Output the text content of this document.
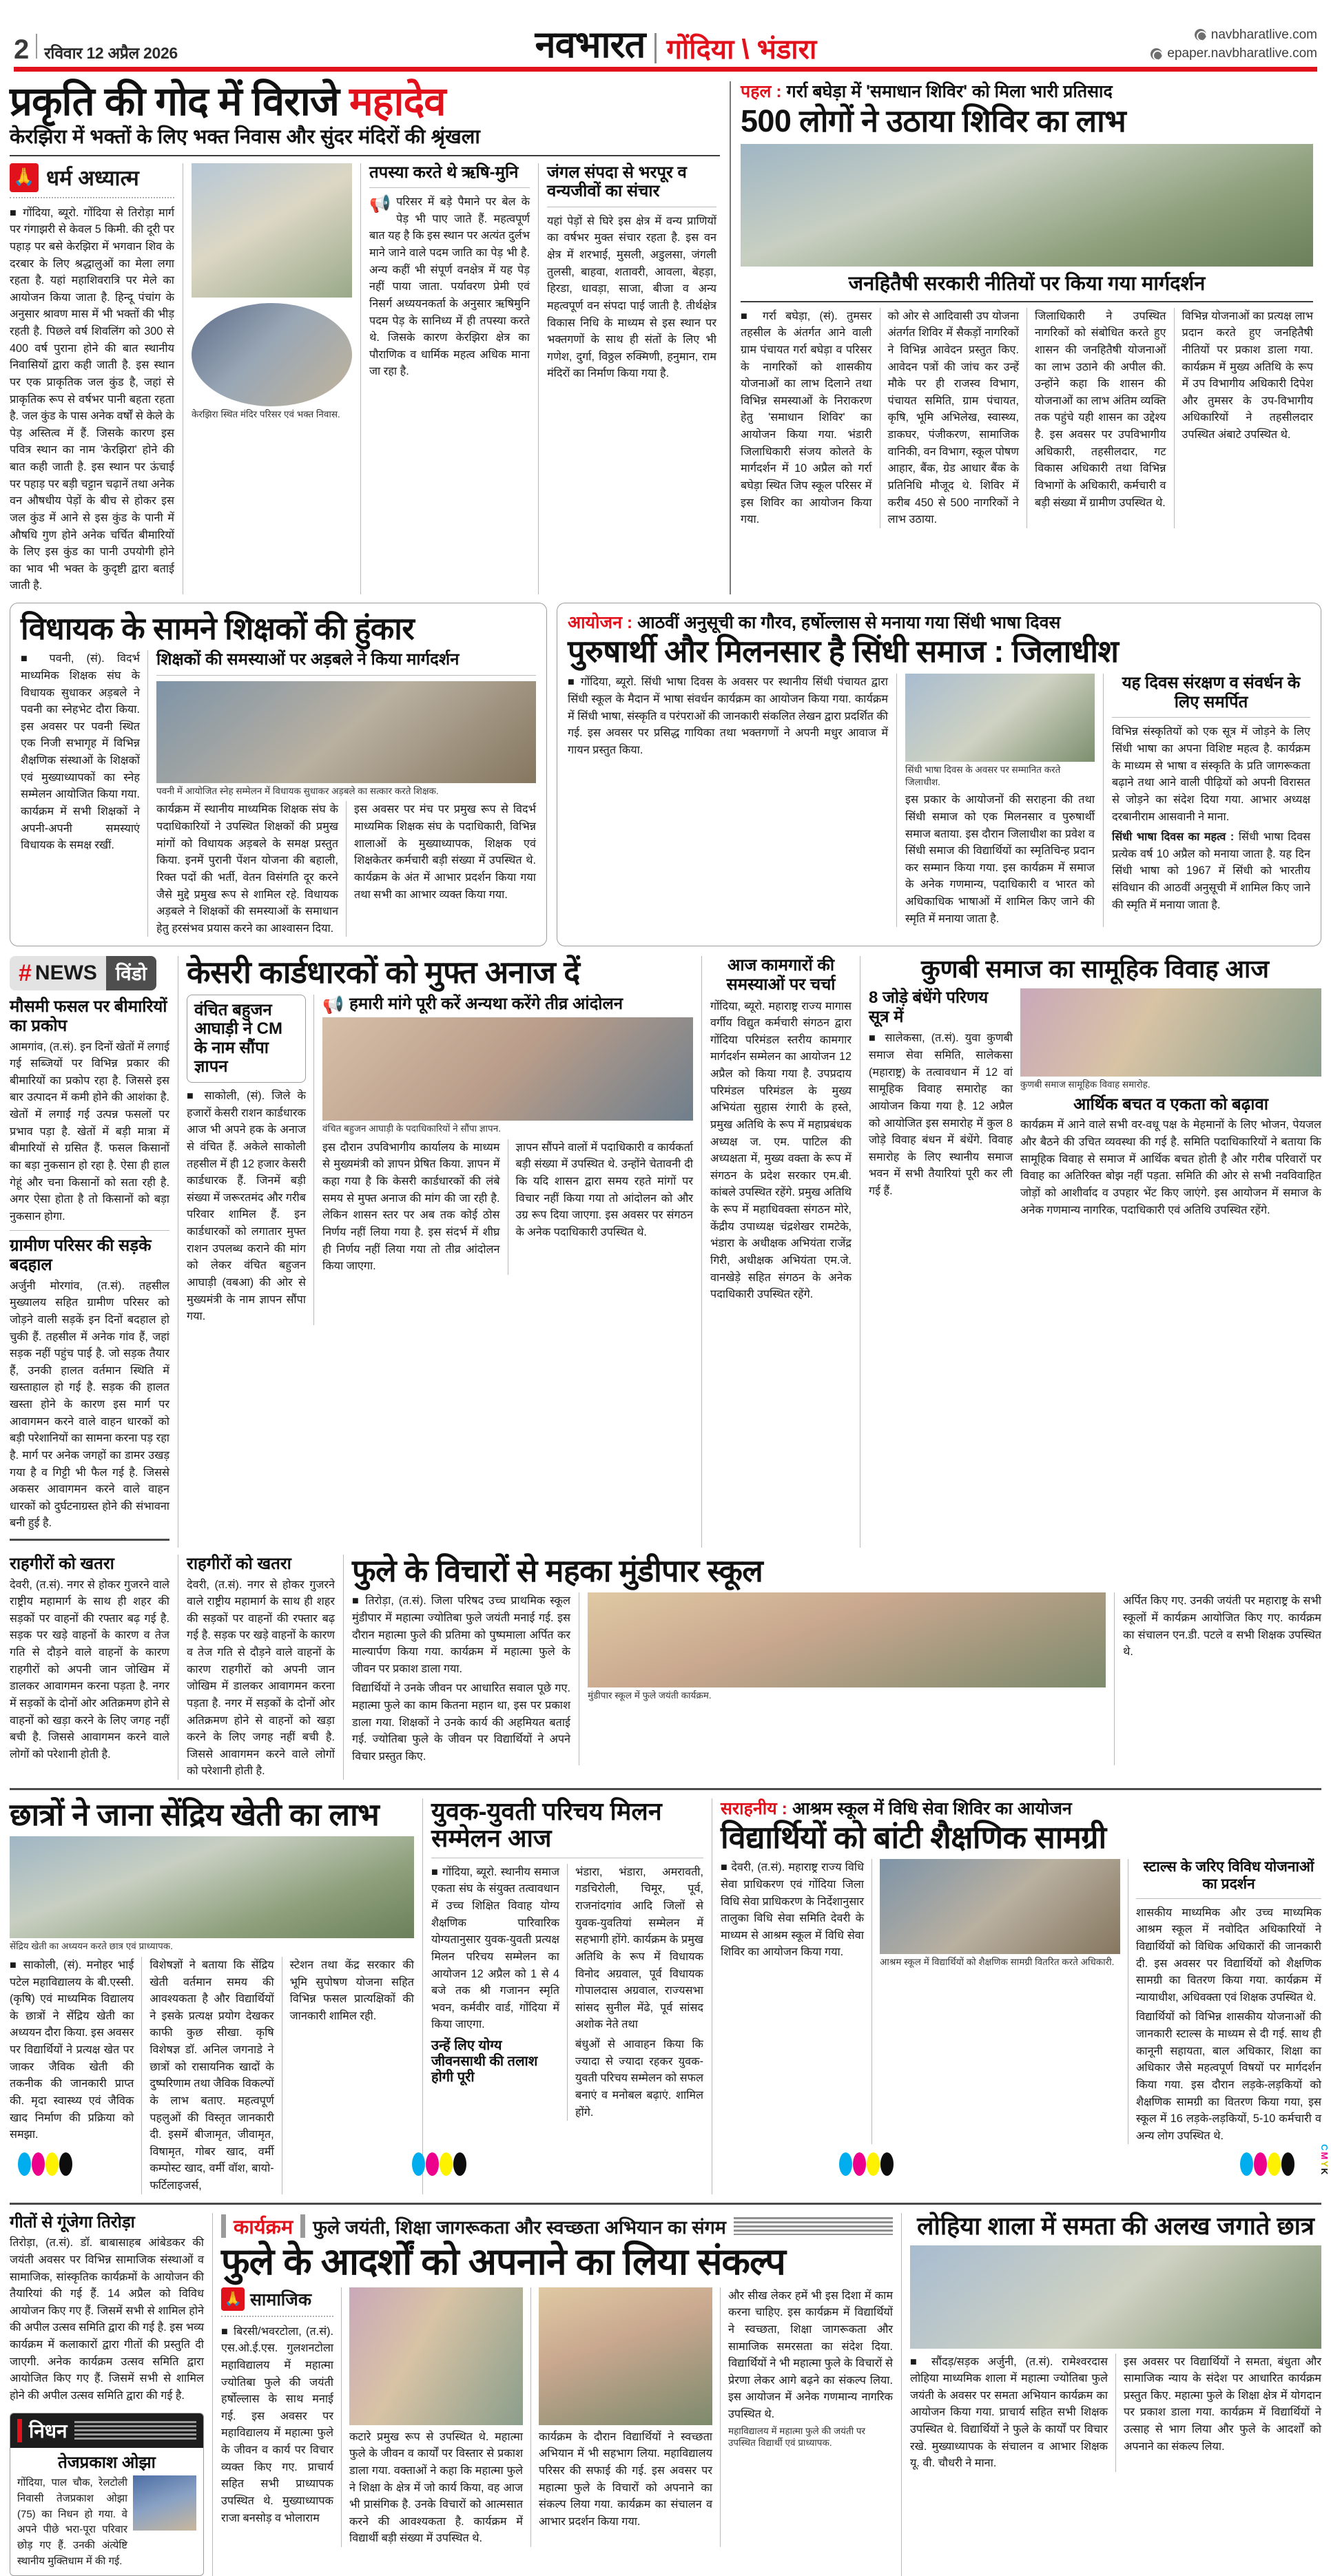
2 रविवार 12 अप्रैल 2026	नवभारत गोंदिया \ भंडारा	navbharatlive.com
epaper.navbharatlive.com
प्रकृति की गोद में विराजे महादेव
केरझिरा में भक्तों के लिए भक्त निवास और सुंदर मंदिरों की श्रृंखला
🙏 धर्म अध्यात्म
■ गोंदिया, ब्यूरो. गोंदिया से तिरोड़ा मार्ग पर गंगाझरी से केवल 5 किमी. की दूरी पर पहाड़ पर बसे केरझिरा में भगवान शिव के दरबार के लिए श्रद्धालुओं का मेला लगा रहता है. यहां महाशिवरात्रि पर मेले का आयोजन किया जाता है. हिन्दू पंचांग के अनुसार श्रावण मास में भी भक्तों की भीड़ रहती है. पिछले वर्ष शिवलिंग को 300 से 400 वर्ष पुराना होने की बात स्थानीय निवासियों द्वारा कही जाती है. इस स्थान पर एक प्राकृतिक जल कुंड है, जहां से प्राकृतिक रूप से वर्षभर पानी बहता रहता है. जल कुंड के पास अनेक वर्षों से केले के पेड़ अस्तित्व में हैं. जिसके कारण इस पवित्र स्थान का नाम 'केरझिरा' होने की बात कही जाती है. इस स्थान पर ऊंचाई पर पहाड़ पर बड़ी चट्टान चढ़ानें तथा अनेक वन औषधीय पेड़ों के बीच से होकर इस जल कुंड में आने से इस कुंड के पानी में औषधि गुण होने अनेक चर्चित बीमारियों के लिए इस कुंड का पानी उपयोगी होने का भाव भी भक्त के कुदृष्टी द्वारा बताई जाती है.
केरझिरा स्थित मंदिर परिसर एवं भक्त निवास.
तपस्या करते थे ऋषि-मुनि
📢 परिसर में बड़े पैमाने पर बेल के पेड़ भी पाए जाते हैं. महत्वपूर्ण बात यह है कि इस स्थान पर अत्यंत दुर्लभ माने जाने वाले पदम जाति का पेड़ भी है. अन्य कहीं भी संपूर्ण वनक्षेत्र में यह पेड़ नहीं पाया जाता. पर्यावरण प्रेमी एवं निसर्ग अध्ययनकर्ता के अनुसार ऋषिमुनि पदम पेड़ के सानिध्य में ही तपस्या करते थे. जिसके कारण केरझिरा क्षेत्र का पौराणिक व धार्मिक महत्व अधिक माना जा रहा है.
जंगल संपदा से भरपूर व वन्यजीवों का संचार
यहां पेड़ों से घिरे इस क्षेत्र में वन्य प्राणियों का वर्षभर मुक्त संचार रहता है. इस वन क्षेत्र में शरभाई, मुसली, अडुलसा, जंगली तुलसी, बाहवा, शतावरी, आवला, बेहड़ा, हिरडा, धावड़ा, साजा, बीजा व अन्य महत्वपूर्ण वन संपदा पाई जाती है. तीर्थक्षेत्र विकास निधि के माध्यम से इस स्थान पर भक्तगणों के साथ ही संतों के लिए भी गणेश, दुर्गा, विठ्ठल रुक्मिणी, हनुमान, राम मंदिरों का निर्माण किया गया है.
पहल : गर्रा बघेड़ा में 'समाधान शिविर' को मिला भारी प्रतिसाद
500 लोगों ने उठाया शिविर का लाभ
जनहितैषी सरकारी नीतियों पर किया गया मार्गदर्शन
■ गर्रा बघेड़ा, (सं). तुमसर तहसील के अंतर्गत आने वाली ग्राम पंचायत गर्रा बघेड़ा व परिसर के नागरिकों को शासकीय योजनाओं का लाभ दिलाने तथा विभिन्न समस्याओं के निराकरण हेतु 'समाधान शिविर' का आयोजन किया गया. भंडारी जिलाधिकारी संजय कोलते के मार्गदर्शन में 10 अप्रैल को गर्रा बघेड़ा स्थित जिप स्कूल परिसर में इस शिविर का आयोजन किया गया.
को ओर से आदिवासी उप योजना अंतर्गत शिविर में सैकड़ों नागरिकों ने विभिन्न आवेदन प्रस्तुत किए. आवेदन पत्रों की जांच कर उन्हें मौके पर ही राजस्व विभाग, पंचायत समिति, ग्राम पंचायत, कृषि, भूमि अभिलेख, स्वास्थ्य, डाकघर, पंजीकरण, सामाजिक वानिकी, वन विभाग, स्कूल पोषण आहार, बैंक, ग्रेड आधार बैंक के प्रतिनिधि मौजूद थे. शिविर में करीब 450 से 500 नागरिकों ने लाभ उठाया.
जिलाधिकारी ने उपस्थित नागरिकों को संबोधित करते हुए शासन की जनहितैषी योजनाओं का लाभ उठाने की अपील की. उन्होंने कहा कि शासन की योजनाओं का लाभ अंतिम व्यक्ति तक पहुंचे यही शासन का उद्देश्य है. इस अवसर पर उपविभागीय अधिकारी, तहसीलदार, गट विकास अधिकारी तथा विभिन्न विभागों के अधिकारी, कर्मचारी व बड़ी संख्या में ग्रामीण उपस्थित थे.
विभिन्न योजनाओं का प्रत्यक्ष लाभ प्रदान करते हुए जनहितैषी नीतियों पर प्रकाश डाला गया. कार्यक्रम में मुख्य अतिथि के रूप में उप विभागीय अधिकारी दिपेश और तुमसर के उप-विभागीय अधिकारियों ने तहसीलदार उपस्थित अंबाटे उपस्थित थे.
विधायक के सामने शिक्षकों की हुंकार
■ पवनी, (सं). विदर्भ माध्यमिक शिक्षक संघ के विधायक सुधाकर अड़बले ने पवनी का स्नेहभेट दौरा किया. इस अवसर पर पवनी स्थित एक निजी सभागृह में विभिन्न शैक्षणिक संस्थाओं के शिक्षकों एवं मुख्याध्यापकों का स्नेह सम्मेलन आयोजित किया गया. कार्यक्रम में सभी शिक्षकों ने अपनी-अपनी समस्याएं विधायक के समक्ष रखीं.
शिक्षकों की समस्याओं पर अड़बले ने किया मार्गदर्शन
पवनी में आयोजित स्नेह सम्मेलन में विधायक सुधाकर अड़बले का सत्कार करते शिक्षक.
कार्यक्रम में स्थानीय माध्यमिक शिक्षक संघ के पदाधिकारियों ने उपस्थित शिक्षकों की प्रमुख मांगों को विधायक अड़बले के समक्ष प्रस्तुत किया. इनमें पुरानी पेंशन योजना की बहाली, रिक्त पदों की भर्ती, वेतन विसंगति दूर करने जैसे मुद्दे प्रमुख रूप से शामिल रहे. विधायक अड़बले ने शिक्षकों की समस्याओं के समाधान हेतु हरसंभव प्रयास करने का आश्वासन दिया.
इस अवसर पर मंच पर प्रमुख रूप से विदर्भ माध्यमिक शिक्षक संघ के पदाधिकारी, विभिन्न शालाओं के मुख्याध्यापक, शिक्षक एवं शिक्षकेतर कर्मचारी बड़ी संख्या में उपस्थित थे. कार्यक्रम के अंत में आभार प्रदर्शन किया गया तथा सभी का आभार व्यक्त किया गया.
आयोजन : आठवीं अनुसूची का गौरव, हर्षोल्लास से मनाया गया सिंधी भाषा दिवस
पुरुषार्थी और मिलनसार है सिंधी समाज : जिलाधीश
■ गोंदिया, ब्यूरो. सिंधी भाषा दिवस के अवसर पर स्थानीय सिंधी पंचायत द्वारा सिंधी स्कूल के मैदान में भाषा संवर्धन कार्यक्रम का आयोजन किया गया. कार्यक्रम में सिंधी भाषा, संस्कृति व परंपराओं की जानकारी संकलित लेखन द्वारा प्रदर्शित की गई. इस अवसर पर प्रसिद्ध गायिका तथा भक्तगणों ने अपनी मधुर आवाज में गायन प्रस्तुत किया.
सिंधी भाषा दिवस के अवसर पर सम्मानित करते जिलाधीश.
इस प्रकार के आयोजनों की सराहना की तथा सिंधी समाज को एक मिलनसार व पुरुषार्थी समाज बताया. इस दौरान जिलाधीश का प्रवेश व सिंधी समाज की विद्यार्थियों का स्मृतिचिन्ह प्रदान कर सम्मान किया गया. इस कार्यक्रम में समाज के अनेक गणमान्य, पदाधिकारी व भारत को अधिकाधिक भाषाओं में शामिल किए जाने की स्मृति में मनाया जाता है.
यह दिवस संरक्षण व संवर्धन के लिए समर्पित
विभिन्न संस्कृतियों को एक सूत्र में जोड़ने के लिए सिंधी भाषा का अपना विशिष्ट महत्व है. कार्यक्रम के माध्यम से भाषा व संस्कृति के प्रति जागरूकता बढ़ाने तथा आने वाली पीढ़ियों को अपनी विरासत से जोड़ने का संदेश दिया गया. आभार अध्यक्ष दरबानीराम आसवानी ने माना.
सिंधी भाषा दिवस का महत्व : सिंधी भाषा दिवस प्रत्येक वर्ष 10 अप्रैल को मनाया जाता है. यह दिन सिंधी भाषा को 1967 में सिंधी को भारतीय संविधान की आठवीं अनुसूची में शामिल किए जाने की स्मृति में मनाया जाता है.
# NEWS विंडो
मौसमी फसल पर बीमारियों का प्रकोप
आमगांव, (त.सं). इन दिनों खेतों में लगाई गई सब्जियों पर विभिन्न प्रकार की बीमारियों का प्रकोप रहा है. जिससे इस बार उत्पादन में कमी होने की आशंका है. खेतों में लगाई गई उत्पन्न फसलों पर प्रभाव पड़ा है. खेतों में बड़ी मात्रा में बीमारियों से ग्रसित हैं. फसल किसानों का बड़ा नुकसान हो रहा है. ऐसा ही हाल गेहूं और चना किसानों को सता रही है. अगर ऐसा होता है तो किसानों को बड़ा नुकसान होगा.
ग्रामीण परिसर की सड़के बदहाल
अर्जुनी मोरगांव, (त.सं). तहसील मुख्यालय सहित ग्रामीण परिसर को जोड़ने वाली सड़कें इन दिनों बदहाल हो चुकी हैं. तहसील में अनेक गांव हैं, जहां सड़क नहीं पहुंच पाई है. जो सड़क तैयार हैं, उनकी हालत वर्तमान स्थिति में खस्ताहाल हो गई है. सड़क की हालत खस्ता होने के कारण इस मार्ग पर आवागमन करने वाले वाहन धारकों को बड़ी परेशानियों का सामना करना पड़ रहा है. मार्ग पर अनेक जगहों का डामर उखड़ गया है व गिट्टी भी फैल गई है. जिससे अकसर आवागमन करने वाले वाहन धारकों को दुर्घटनाग्रस्त होने की संभावना बनी हुई है.
केसरी कार्डधारकों को मुफ्त अनाज दें
वंचित बहुजन आघाड़ी ने CM के नाम सौंपा ज्ञापन
■ साकोली, (सं). जिले के हजारों केसरी राशन कार्डधारक आज भी अपने हक के अनाज से वंचित हैं. अकेले साकोली तहसील में ही 12 हजार केसरी कार्डधारक हैं. जिनमें बड़ी संख्या में जरूरतमंद और गरीब परिवार शामिल हैं. इन कार्डधारकों को लगातार मुफ्त राशन उपलब्ध कराने की मांग को लेकर वंचित बहुजन आघाड़ी (वबआ) की ओर से मुख्यमंत्री के नाम ज्ञापन सौंपा गया.
📢 हमारी मांगे पूरी करें अन्यथा करेंगे तीव्र आंदोलन
वंचित बहुजन आघाड़ी के पदाधिकारियों ने सौंपा ज्ञापन.
इस दौरान उपविभागीय कार्यालय के माध्यम से मुख्यमंत्री को ज्ञापन प्रेषित किया. ज्ञापन में कहा गया है कि केसरी कार्डधारकों की लंबे समय से मुफ्त अनाज की मांग की जा रही है. लेकिन शासन स्तर पर अब तक कोई ठोस निर्णय नहीं लिया गया है. इस संदर्भ में शीघ्र ही निर्णय नहीं लिया गया तो तीव्र आंदोलन किया जाएगा.
ज्ञापन सौंपने वालों में पदाधिकारी व कार्यकर्ता बड़ी संख्या में उपस्थित थे. उन्होंने चेतावनी दी कि यदि शासन द्वारा समय रहते मांगों पर विचार नहीं किया गया तो आंदोलन को और उग्र रूप दिया जाएगा. इस अवसर पर संगठन के अनेक पदाधिकारी उपस्थित थे.
आज कामगारों की समस्याओं पर चर्चा
गोंदिया, ब्यूरो. महाराष्ट्र राज्य मागास वर्गीय विद्युत कर्मचारी संगठन द्वारा गोंदिया परिमंडल स्तरीय कामगार मार्गदर्शन सम्मेलन का आयोजन 12 अप्रैल को किया गया है. उपप्रदाय परिमंडल परिमंडल के मुख्य अभियंता सुहास रंगारी के हस्ते, प्रमुख अतिथि के रूप में महाप्रबंधक अध्यक्ष ज. एम. पाटिल की अध्यक्षता में, मुख्य वक्ता के रूप में संगठन के प्रदेश सरकार एम.बी. कांबले उपस्थित रहेंगे. प्रमुख अतिथि के रूप में महाधिवक्ता संगठन मोरे, केंद्रीय उपाध्यक्ष चंद्रशेखर रामटेके, भंडारा के अधीक्षक अभियंता राजेंद्र गिरी, अधीक्षक अभियंता एम.जे. वानखेड़े सहित संगठन के अनेक पदाधिकारी उपस्थित रहेंगे.
कुणबी समाज का सामूहिक विवाह आज
8 जोड़े बंधेंगे परिणय सूत्र में
■ सालेकसा, (त.सं). युवा कुणबी समाज सेवा समिति, सालेकसा (महाराष्ट्र) के तत्वावधान में 12 वां सामूहिक विवाह समारोह का आयोजन किया गया है. 12 अप्रैल को आयोजित इस समारोह में कुल 8 जोड़े विवाह बंधन में बंधेंगे. विवाह समारोह के लिए स्थानीय समाज भवन में सभी तैयारियां पूरी कर ली गई हैं.
कुणबी समाज सामूहिक विवाह समारोह.
आर्थिक बचत व एकता को बढ़ावा
कार्यक्रम में आने वाले सभी वर-वधू पक्ष के मेहमानों के लिए भोजन, पेयजल और बैठने की उचित व्यवस्था की गई है. समिति पदाधिकारियों ने बताया कि सामूहिक विवाह से समाज में आर्थिक बचत होती है और गरीब परिवारों पर विवाह का अतिरिक्त बोझ नहीं पड़ता. समिति की ओर से सभी नवविवाहित जोड़ों को आशीर्वाद व उपहार भेंट किए जाएंगे. इस आयोजन में समाज के अनेक गणमान्य नागरिक, पदाधिकारी एवं अतिथि उपस्थित रहेंगे.
राहगीरों को खतरा
देवरी, (त.सं). नगर से होकर गुजरने वाले राष्ट्रीय महामार्ग के साथ ही शहर की सड़कों पर वाहनों की रफ्तार बढ़ गई है. सड़क पर खड़े वाहनों के कारण व तेज गति से दौड़ने वाले वाहनों के कारण राहगीरों को अपनी जान जोखिम में डालकर आवागमन करना पड़ता है. नगर में सड़कों के दोनों ओर अतिक्रमण होने से वाहनों को खड़ा करने के लिए जगह नहीं बची है. जिससे आवागमन करने वाले लोगों को परेशानी होती है.
राहगीरों को खतरा
देवरी, (त.सं). नगर से होकर गुजरने वाले राष्ट्रीय महामार्ग के साथ ही शहर की सड़कों पर वाहनों की रफ्तार बढ़ गई है. सड़क पर खड़े वाहनों के कारण व तेज गति से दौड़ने वाले वाहनों के कारण राहगीरों को अपनी जान जोखिम में डालकर आवागमन करना पड़ता है. नगर में सड़कों के दोनों ओर अतिक्रमण होने से वाहनों को खड़ा करने के लिए जगह नहीं बची है. जिससे आवागमन करने वाले लोगों को परेशानी होती है.
फुले के विचारों से महका मुंडीपार स्कूल
■ तिरोड़ा, (त.सं). जिला परिषद उच्च प्राथमिक स्कूल मुंडीपार में महात्मा ज्योतिबा फुले जयंती मनाई गई. इस दौरान महात्मा फुले की प्रतिमा को पुष्पमाला अर्पित कर माल्यार्पण किया गया. कार्यक्रम में महात्मा फुले के जीवन पर प्रकाश डाला गया.
विद्यार्थियों ने उनके जीवन पर आधारित सवाल पूछे गए. महात्मा फुले का काम कितना महान था, इस पर प्रकाश डाला गया. शिक्षकों ने उनके कार्य की अहमियत बताई गई. ज्योतिबा फुले के जीवन पर विद्यार्थियों ने अपने विचार प्रस्तुत किए.
मुंडीपार स्कूल में फुले जयंती कार्यक्रम.
अर्पित किए गए. उनकी जयंती पर महाराष्ट्र के सभी स्कूलों में कार्यक्रम आयोजित किए गए. कार्यक्रम का संचालन एन.डी. पटले व सभी शिक्षक उपस्थित थे.
छात्रों ने जाना सेंद्रिय खेती का लाभ
सेंद्रिय खेती का अध्ययन करते छात्र एवं प्राध्यापक.
■ साकोली, (सं). मनोहर भाई पटेल महाविद्यालय के बी.एस्सी. (कृषि) एवं माध्यमिक विद्यालय के छात्रों ने सेंद्रिय खेती का अध्ययन दौरा किया. इस अवसर पर विद्यार्थियों ने प्रत्यक्ष खेत पर जाकर जैविक खेती की तकनीक की जानकारी प्राप्त की. मृदा स्वास्थ्य एवं जैविक खाद निर्माण की प्रक्रिया को समझा.
विशेषज्ञों ने बताया कि सेंद्रिय खेती वर्तमान समय की आवश्यकता है और विद्यार्थियों ने इसके प्रत्यक्ष प्रयोग देखकर काफी कुछ सीखा. कृषि विशेषज्ञ डॉ. अनिल जगनाडे ने छात्रों को रासायनिक खादों के दुष्परिणाम तथा जैविक विकल्पों के लाभ बताए. महत्वपूर्ण पहलुओं की विस्तृत जानकारी दी. इसमें बीजामृत, जीवामृत, विषामृत, गोबर खाद, वर्मी कम्पोस्ट खाद, वर्मी वॉश, बायो-फर्टिलाइजर्स,
स्टेशन तथा केंद्र सरकार की भूमि सुपोषण योजना सहित विभिन्न फसल प्रात्यक्षिकों की जानकारी शामिल रही.
युवक-युवती परिचय मिलन सम्मेलन आज
■ गोंदिया, ब्यूरो. स्थानीय समाज एकता संघ के संयुक्त तत्वावधान में उच्च शिक्षित विवाह योग्य शैक्षणिक पारिवारिक योग्यतानुसार युवक-युवती प्रत्यक्ष मिलन परिचय सम्मेलन का आयोजन 12 अप्रैल को 1 से 4 बजे तक श्री गजानन स्मृति भवन, कर्मवीर वार्ड, गोंदिया में किया जाएगा.
उन्हें लिए योग्य जीवनसाथी की तलाश होगी पूरी
भंडारा, भंडारा, अमरावती, गडचिरोली, चिमूर, पूर्व, राजनांदगांव आदि जिलों से युवक-युवतियां सम्मेलन में सहभागी होंगे. कार्यक्रम के प्रमुख अतिथि के रूप में विधायक विनोद अग्रवाल, पूर्व विधायक गोपालदास अग्रवाल, राज्यसभा सांसद सुनील मेंढे, पूर्व सांसद अशोक नेते तथा
बंधुओं से आवाहन किया कि ज्यादा से ज्यादा रहकर युवक-युवती परिचय सम्मेलन को सफल बनाएं व मनोबल बढ़ाएं. शामिल होंगे.
सराहनीय : आश्रम स्कूल में विधि सेवा शिविर का आयोजन
विद्यार्थियों को बांटी शैक्षणिक सामग्री
■ देवरी, (त.सं). महाराष्ट्र राज्य विधि सेवा प्राधिकरण एवं गोंदिया जिला विधि सेवा प्राधिकरण के निर्देशानुसार तालुका विधि सेवा समिति देवरी के माध्यम से आश्रम स्कूल में विधि सेवा शिविर का आयोजन किया गया.
आश्रम स्कूल में विद्यार्थियों को शैक्षणिक सामग्री वितरित करते अधिकारी.
स्टाल्स के जरिए विविध योजनाओं का प्रदर्शन
शासकीय माध्यमिक और उच्च माध्यमिक आश्रम स्कूल में नवोदित अधिकारियों ने विद्यार्थियों को विधिक अधिकारों की जानकारी दी. इस अवसर पर विद्यार्थियों को शैक्षणिक सामग्री का वितरण किया गया. कार्यक्रम में न्यायाधीश, अधिवक्ता एवं शिक्षक उपस्थित थे.
विद्यार्थियों को विभिन्न शासकीय योजनाओं की जानकारी स्टाल्स के माध्यम से दी गई. साथ ही कानूनी सहायता, बाल अधिकार, शिक्षा का अधिकार जैसे महत्वपूर्ण विषयों पर मार्गदर्शन किया गया. इस दौरान लड़के-लड़कियों को शैक्षणिक सामग्री का वितरण किया गया, इस स्कूल में 16 लड़के-लड़कियों, 5-10 कर्मचारी व अन्य लोग उपस्थित थे.
गीतों से गूंजेगा तिरोड़ा
तिरोड़ा, (त.सं). डॉ. बाबासाहब आंबेडकर की जयंती अवसर पर विभिन्न सामाजिक संस्थाओं व सामाजिक, सांस्कृतिक कार्यक्रमों के आयोजन की तैयारियां की गई हैं. 14 अप्रैल को विविध आयोजन किए गए हैं. जिसमें सभी से शामिल होने की अपील उत्सव समिति द्वारा की गई है. इस भव्य कार्यक्रम में कलाकारों द्वारा गीतों की प्रस्तुति दी जाएगी. अनेक कार्यक्रम उत्सव समिति द्वारा आयोजित किए गए हैं. जिसमें सभी से शामिल होने की अपील उत्सव समिति द्वारा की गई है.
निधन
तेजप्रकाश ओझा
गोंदिया, पाल चौक, रेलटोली निवासी तेजप्रकाश ओझा (75) का निधन हो गया. वे अपने पीछे भरा-पूरा परिवार छोड़ गए हैं. उनकी अंत्येष्टि स्थानीय मुक्तिधाम में की गई.
कार्यक्रम फुले जयंती, शिक्षा जागरूकता और स्वच्छता अभियान का संगम
फुले के आदर्शों को अपनाने का लिया संकल्प
🙏 सामाजिक
■ बिरसी/भवरटोला, (त.सं). एस.ओ.ई.एस. गुलशनटोला महाविद्यालय में महात्मा ज्योतिबा फुले की जयंती हर्षोल्लास के साथ मनाई गई. इस अवसर पर महाविद्यालय में महात्मा फुले के जीवन व कार्य पर विचार व्यक्त किए गए. प्राचार्य सहित सभी प्राध्यापक उपस्थित थे. मुख्याध्यापक राजा बनसोड़ व भोलाराम
कटारे प्रमुख रूप से उपस्थित थे. महात्मा फुले के जीवन व कार्यों पर विस्तार से प्रकाश डाला गया. वक्ताओं ने कहा कि महात्मा फुले ने शिक्षा के क्षेत्र में जो कार्य किया, वह आज भी प्रासंगिक है. उनके विचारों को आत्मसात करने की आवश्यकता है. कार्यक्रम में विद्यार्थी बड़ी संख्या में उपस्थित थे.
कार्यक्रम के दौरान विद्यार्थियों ने स्वच्छता अभियान में भी सहभाग लिया. महाविद्यालय परिसर की सफाई की गई. इस अवसर पर महात्मा फुले के विचारों को अपनाने का संकल्प लिया गया. कार्यक्रम का संचालन व आभार प्रदर्शन किया गया.
और सीख लेकर हमें भी इस दिशा में काम करना चाहिए. इस कार्यक्रम में विद्यार्थियों ने स्वच्छता, शिक्षा जागरूकता और सामाजिक समरसता का संदेश दिया. विद्यार्थियों ने भी महात्मा फुले के विचारों से प्रेरणा लेकर आगे बढ़ने का संकल्प लिया. इस आयोजन में अनेक गणमान्य नागरिक उपस्थित थे.
महाविद्यालय में महात्मा फुले की जयंती पर उपस्थित विद्यार्थी एवं प्राध्यापक.
लोहिया शाला में समता की अलख जगाते छात्र
■ सौंदड़/सड़क अर्जुनी, (त.सं). रामेश्वरदास लोहिया माध्यमिक शाला में महात्मा ज्योतिबा फुले जयंती के अवसर पर समता अभियान कार्यक्रम का आयोजन किया गया. प्राचार्य सहित सभी शिक्षक उपस्थित थे. विद्यार्थियों ने फुले के कार्यों पर विचार रखे. मुख्याध्यापक के संचालन व आभार शिक्षक यू. वी. चौधरी ने माना.
इस अवसर पर विद्यार्थियों ने समता, बंधुता और सामाजिक न्याय के संदेश पर आधारित कार्यक्रम प्रस्तुत किए. महात्मा फुले के शिक्षा क्षेत्र में योगदान पर प्रकाश डाला गया. कार्यक्रम में विद्यार्थियों ने उत्साह से भाग लिया और फुले के आदर्शों को अपनाने का संकल्प लिया.
CMYK
